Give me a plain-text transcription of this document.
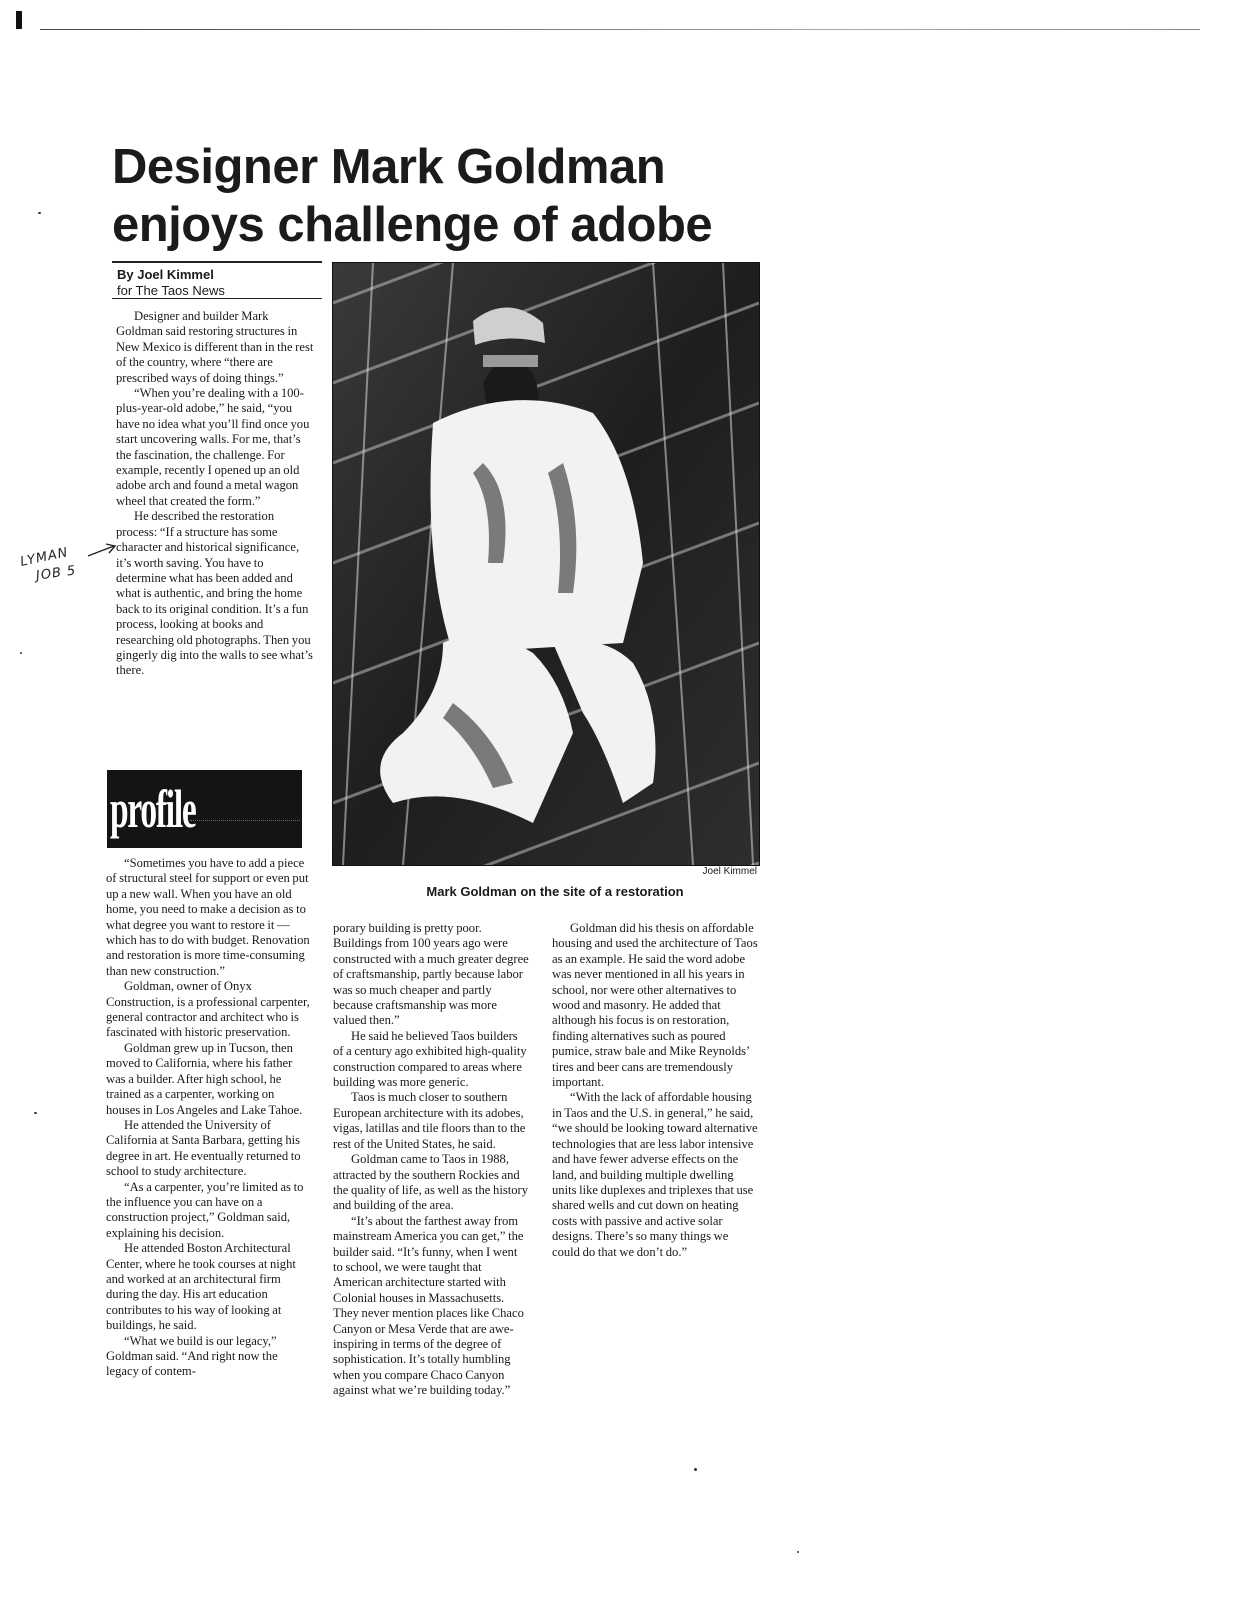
Designer Mark Goldman
enjoys challenge of adobe
By Joel Kimmel
for The Taos News

Designer and builder Mark Goldman said restoring structures in New Mexico is different than in the rest of the country, where “there are prescribed ways of doing things.”

“When you’re dealing with a 100-plus-year-old adobe,” he said, “you have no idea what you’ll find once you start uncovering walls. For me, that’s the fascination, the challenge. For example, recently I opened up an old adobe arch and found a metal wagon wheel that created the form.”

He described the restoration process: “If a structure has some character and historical significance, it’s worth saving. You have to determine what has been added and what is authentic, and bring the home back to its original condition. It’s a fun process, looking at books and researching old photographs. Then you gingerly dig into the walls to see what’s there.

LYMAN
JOB 5
profile

“Sometimes you have to add a piece of structural steel for support or even put up a new wall. When you have an old home, you need to make a decision as to what degree you want to restore it — which has to do with budget. Renovation and restoration is more time-consuming than new construction.”

Goldman, owner of Onyx Construction, is a professional carpenter, general contractor and architect who is fascinated with historic preservation.

Goldman grew up in Tucson, then moved to California, where his father was a builder. After high school, he trained as a carpenter, working on houses in Los Angeles and Lake Tahoe.

He attended the University of California at Santa Barbara, getting his degree in art. He eventually returned to school to study architecture.

“As a carpenter, you’re limited as to the influence you can have on a construction project,” Goldman said, explaining his decision.

He attended Boston Architectural Center, where he took courses at night and worked at an architectural firm during the day. His art education contributes to his way of looking at buildings, he said.

“What we build is our legacy,” Goldman said. “And right now the legacy of contem-

Joel Kimmel
Mark Goldman on the site of a restoration

porary building is pretty poor. Buildings from 100 years ago were constructed with a much greater degree of craftsmanship, partly because labor was so much cheaper and partly because craftsmanship was more valued then.”

He said he believed Taos builders of a century ago exhibited high-quality construction compared to areas where building was more generic.

Taos is much closer to southern European architecture with its adobes, vigas, latillas and tile floors than to the rest of the United States, he said.

Goldman came to Taos in 1988, attracted by the southern Rockies and the quality of life, as well as the history and building of the area.

“It’s about the farthest away from mainstream America you can get,” the builder said. “It’s funny, when I went to school, we were taught that American architecture started with Colonial houses in Massachusetts. They never mention places like Chaco Canyon or Mesa Verde that are awe-inspiring in terms of the degree of sophistication. It’s totally humbling when you compare Chaco Canyon against what we’re building today.”

Goldman did his thesis on affordable housing and used the architecture of Taos as an example. He said the word adobe was never mentioned in all his years in school, nor were other alternatives to wood and masonry. He added that although his focus is on restoration, finding alternatives such as poured pumice, straw bale and Mike Reynolds’ tires and beer cans are tremendously important.

“With the lack of affordable housing in Taos and the U.S. in general,” he said, “we should be looking toward alternative technologies that are less labor intensive and have fewer adverse effects on the land, and building multiple dwelling units like duplexes and triplexes that use shared wells and cut down on heating costs with passive and active solar designs. There’s so many things we could do that we don’t do.”
